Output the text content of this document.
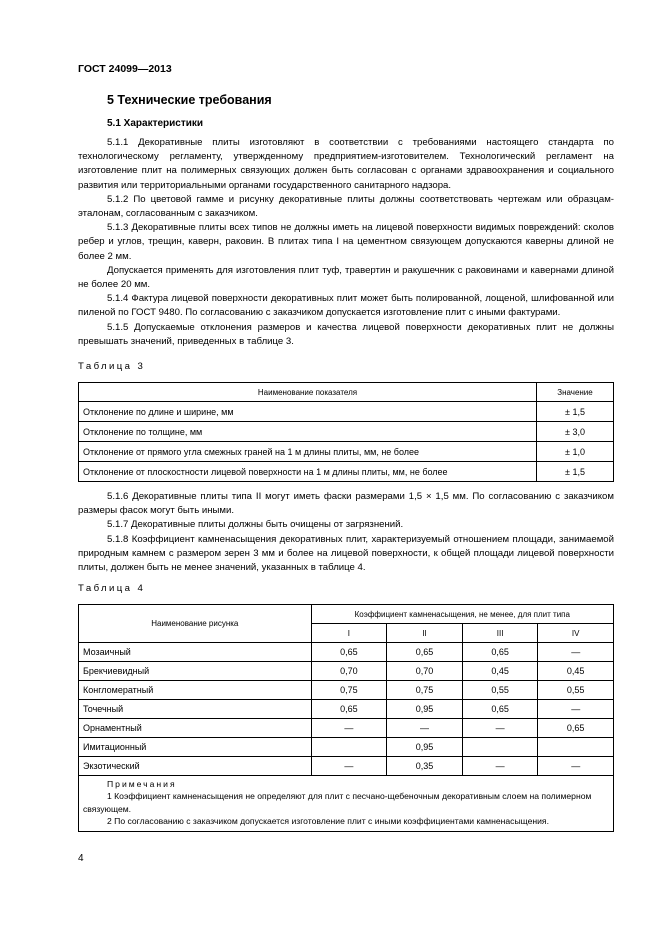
ГОСТ 24099—2013
5 Технические требования
5.1 Характеристики

5.1.1 Декоративные плиты изготовляют в соответствии с требованиями настоящего стандарта по технологическому регламенту, утвержденному предприятием-изготовителем. Технологический регламент на изготовление плит на полимерных связующих должен быть согласован с органами здравоохранения и социального развития или территориальными органами государственного санитарного надзора.

5.1.2 По цветовой гамме и рисунку декоративные плиты должны соответствовать чертежам или образцам-эталонам, согласованным с заказчиком.

5.1.3 Декоративные плиты всех типов не должны иметь на лицевой поверхности видимых повреждений: сколов ребер и углов, трещин, каверн, раковин. В плитах типа I на цементном связующем допускаются каверны длиной не более 2 мм.

Допускается применять для изготовления плит туф, травертин и ракушечник с раковинами и кавернами длиной не более 20 мм.

5.1.4 Фактура лицевой поверхности декоративных плит может быть полированной, лощеной, шлифованной или пиленой по ГОСТ 9480. По согласованию с заказчиком допускается изготовление плит с иными фактурами.

5.1.5 Допускаемые отклонения размеров и качества лицевой поверхности декоративных плит не должны превышать значений, приведенных в таблице 3.

Таблица 3
Наименование показателя	Значение
Отклонение по длине и ширине, мм	± 1,5
Отклонение по толщине, мм	± 3,0
Отклонение от прямого угла смежных граней на 1 м длины плиты, мм, не более	± 1,0
Отклонение от плоскостности лицевой поверхности на 1 м длины плиты, мм, не более	± 1,5

5.1.6 Декоративные плиты типа II могут иметь фаски размерами 1,5 × 1,5 мм. По согласованию с заказчиком размеры фасок могут быть иными.

5.1.7 Декоративные плиты должны быть очищены от загрязнений.

5.1.8 Коэффициент камненасыщения декоративных плит, характеризуемый отношением площади, занимаемой природным камнем с размером зерен 3 мм и более на лицевой поверхности, к общей площади лицевой поверхности плиты, должен быть не менее значений, указанных в таблице 4.

Таблица 4
Наименование рисунка	Коэффициент камненасыщения, не менее, для плит типа			
	I	II	III	IV
Мозаичный	0,65	0,65	0,65	—
Брекчиевидный	0,70	0,70	0,45	0,45
Конгломератный	0,75	0,75	0,55	0,55
Точечный	0,65	0,95	0,65	—
Орнаментный	—	—	—	0,65
Имитационный		0,95		
Экзотический	—	0,35	—	—

Примечания
1 Коэффициент камненасыщения не определяют для плит с песчано-щебеночным декоративным слоем на полимерном связующем.
2 По согласованию с заказчиком допускается изготовление плит с иными коэффициентами камненасыщения.				
4
